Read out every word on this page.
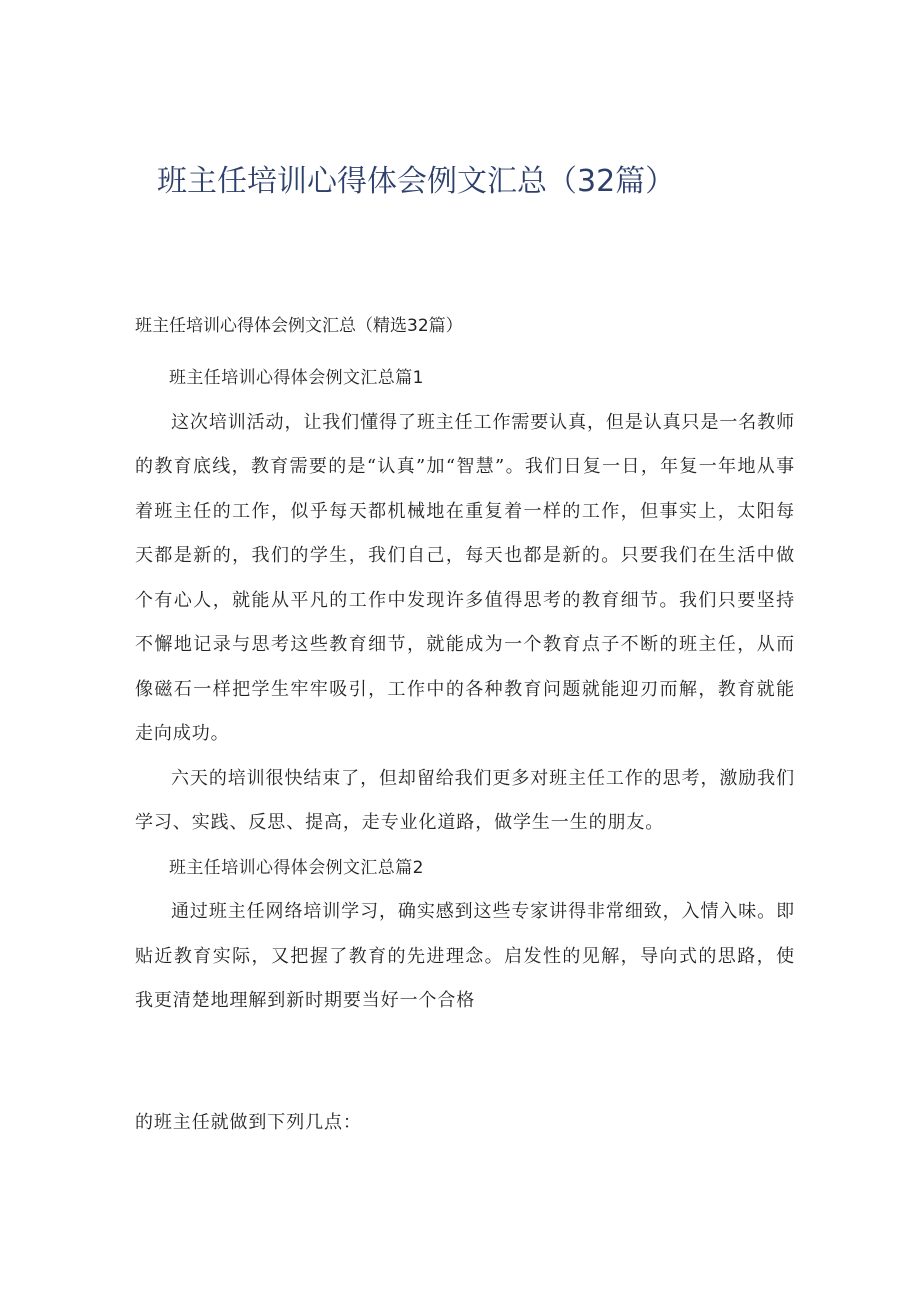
班主任培训心得体会例文汇总（32篇）
班主任培训心得体会例文汇总（精选32篇）

班主任培训心得体会例文汇总篇1

这次培训活动，让我们懂得了班主任工作需要认真，但是认真只是一名教师的教育底线，教育需要的是“认真”加“智慧”。我们日复一日，年复一年地从事着班主任的工作，似乎每天都机械地在重复着一样的工作，但事实上，太阳每天都是新的，我们的学生，我们自己，每天也都是新的。只要我们在生活中做个有心人，就能从平凡的工作中发现许多值得思考的教育细节。我们只要坚持不懈地记录与思考这些教育细节，就能成为一个教育点子不断的班主任，从而像磁石一样把学生牢牢吸引，工作中的各种教育问题就能迎刃而解，教育就能走向成功。

六天的培训很快结束了，但却留给我们更多对班主任工作的思考，激励我们学习、实践、反思、提高，走专业化道路，做学生一生的朋友。

班主任培训心得体会例文汇总篇2

通过班主任网络培训学习，确实感到这些专家讲得非常细致，入情入味。即贴近教育实际，又把握了教育的先进理念。启发性的见解，导向式的思路，使我更清楚地理解到新时期要当好一个合格

的班主任就做到下列几点：
